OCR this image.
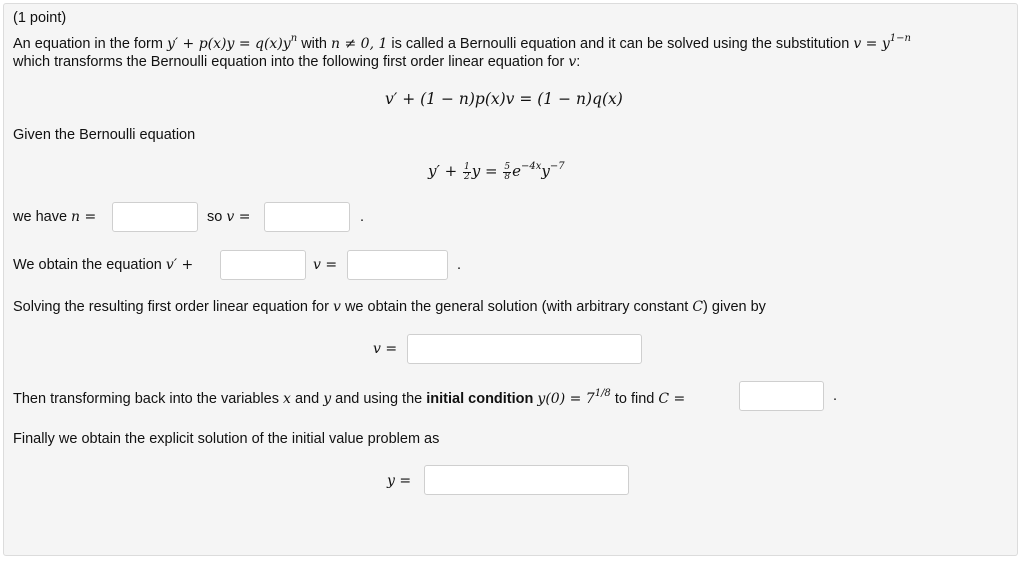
(1 point)
An equation in the form $y' + p(x)y = q(x)y^n$ with n ≠ 0, 1 is called a Bernoulli equation and it can be solved using the substitution $v = y^{1-n}$
which transforms the Bernoulli equation into the following first order linear equation for v:
v′ + (1 − n)p(x)v = (1 − n)q(x)
Given the Bernoulli equation
$y' + \frac{1}{2}$ $y = \frac{5}{8} e^{-4x}y^{-7}$
we have n =	so v =	.
We obtain the equation v′ +	v =	.
Solving the resulting first order linear equation for v we obtain the general solution (with arbitrary constant C) given by
v =
Then transforming back into the variables x and y and using the initial condition $y(0) = 7^{1/8}$ to find C =	.
Finally we obtain the explicit solution of the initial value problem as
y =
